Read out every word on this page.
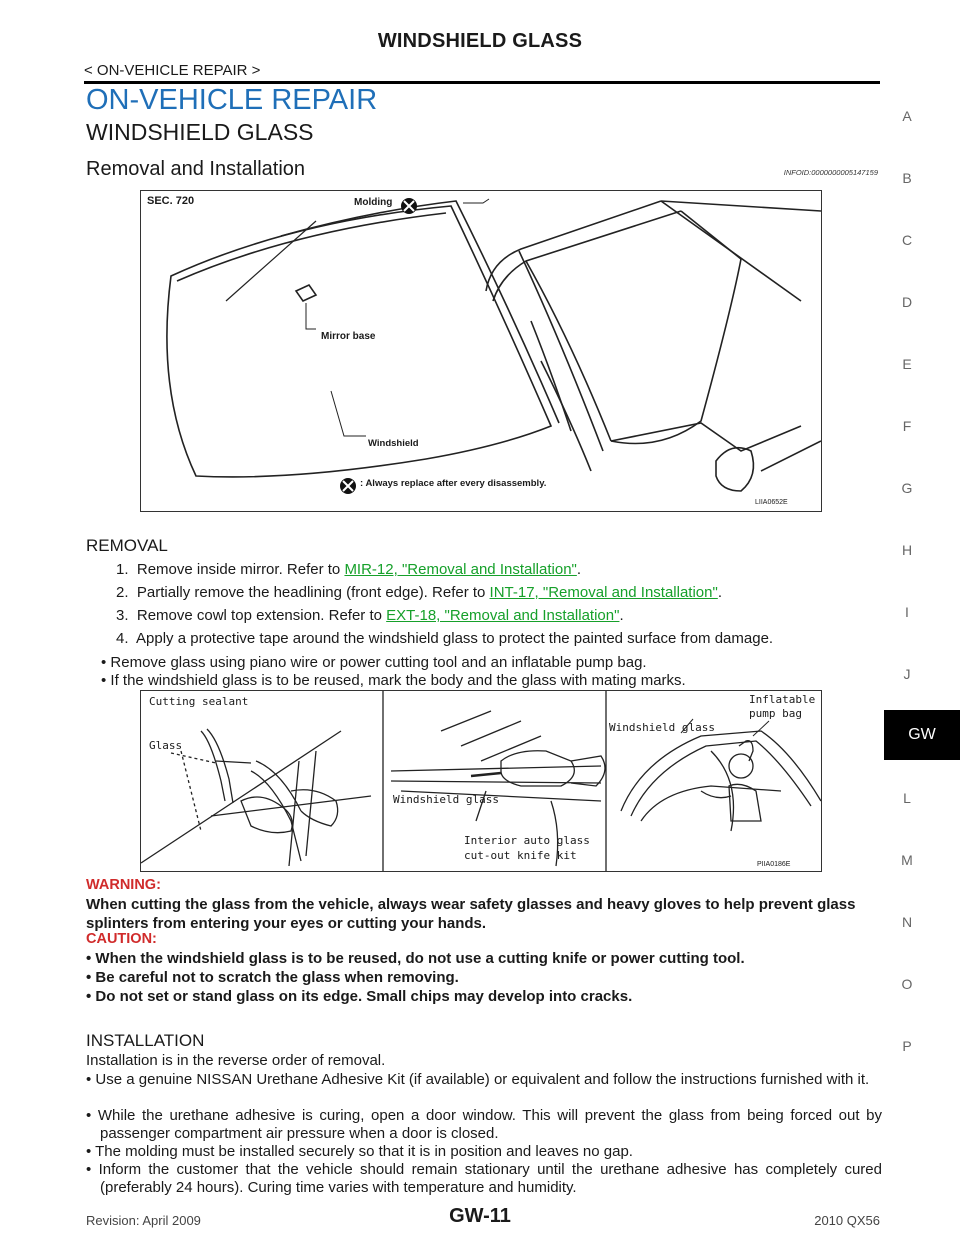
WINDSHIELD GLASS
< ON-VEHICLE REPAIR >
ON-VEHICLE REPAIR
WINDSHIELD GLASS
Removal and Installation	INFOID:0000000005147159
A
B
C
D
E
F
G
H
I
J
GW
L
M
N
O
P
SEC. 720	Molding
Mirror base
Windshield
: Always replace after every disassembly.
LIIA0652E
REMOVAL
1. Remove inside mirror. Refer to MIR-12, "Removal and Installation".
2. Partially remove the headlining (front edge). Refer to INT-17, "Removal and Installation".
3. Remove cowl top extension. Refer to EXT-18, "Removal and Installation".
4. Apply a protective tape around the windshield glass to protect the painted surface from damage.
• Remove glass using piano wire or power cutting tool and an inflatable pump bag.
• If the windshield glass is to be reused, mark the body and the glass with mating marks.
Cutting sealant
Glass
Windshield glass
Interior auto glass
cut-out knife kit
Windshield glass
Inflatable
pump bag
PIIA0186E
WARNING:
When cutting the glass from the vehicle, always wear safety glasses and heavy gloves to help prevent glass splinters from entering your eyes or cutting your hands.
CAUTION:
• When the windshield glass is to be reused, do not use a cutting knife or power cutting tool.
• Be careful not to scratch the glass when removing.
• Do not set or stand glass on its edge. Small chips may develop into cracks.
INSTALLATION
Installation is in the reverse order of removal.
• Use a genuine NISSAN Urethane Adhesive Kit (if available) or equivalent and follow the instructions furnished with it.
• While the urethane adhesive is curing, open a door window. This will prevent the glass from being forced out by passenger compartment air pressure when a door is closed.
• The molding must be installed securely so that it is in position and leaves no gap.
• Inform the customer that the vehicle should remain stationary until the urethane adhesive has completely cured (preferably 24 hours). Curing time varies with temperature and humidity.
Revision: April 2009	GW-11	2010 QX56
